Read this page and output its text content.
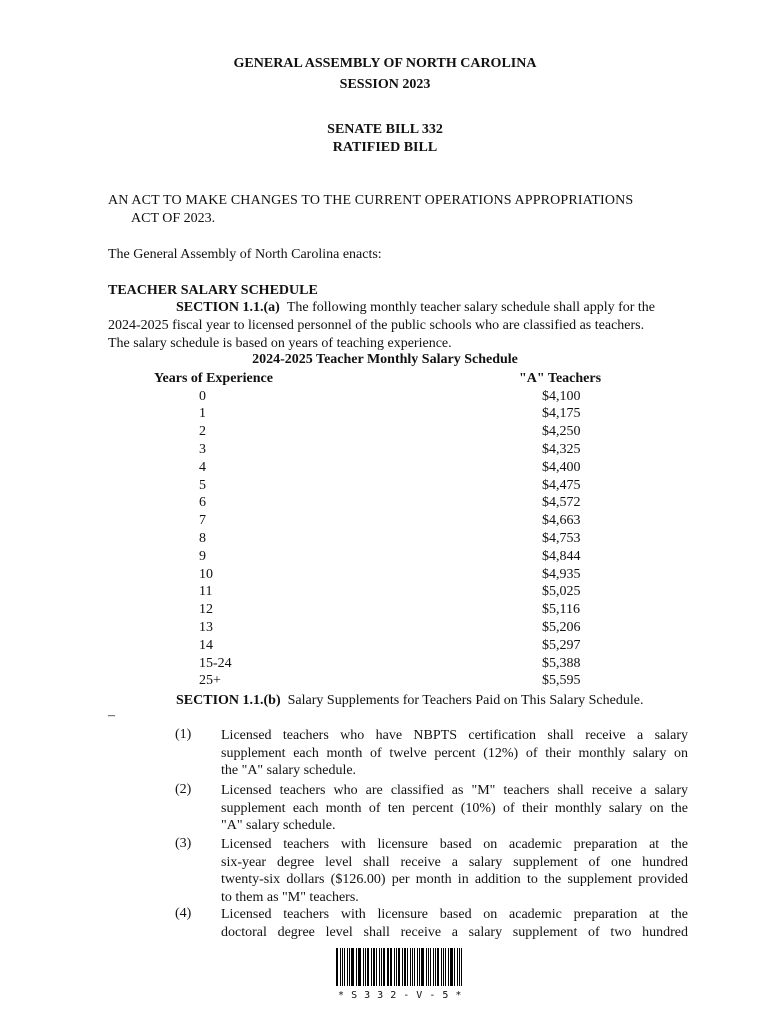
GENERAL ASSEMBLY OF NORTH CAROLINA
SESSION 2023
SENATE BILL 332
RATIFIED BILL
AN ACT TO MAKE CHANGES TO THE CURRENT OPERATIONS APPROPRIATIONS
ACT OF 2023.
The General Assembly of North Carolina enacts:
TEACHER SALARY SCHEDULE
SECTION 1.1.(a) The following monthly teacher salary schedule shall apply for the
2024-2025 fiscal year to licensed personnel of the public schools who are classified as teachers.
The salary schedule is based on years of teaching experience.
2024-2025 Teacher Monthly Salary Schedule
Years of Experience	"A" Teachers
0	$4,100
1	$4,175
2	$4,250
3	$4,325
4	$4,400
5	$4,475
6	$4,572
7	$4,663
8	$4,753
9	$4,844
10	$4,935
11	$5,025
12	$5,116
13	$5,206
14	$5,297
15-24	$5,388
25+	$5,595
SECTION 1.1.(b) Salary Supplements for Teachers Paid on This Salary Schedule.
–
(1) Licensed teachers who have NBPTS certification shall receive a salary
supplement each month of twelve percent (12%) of their monthly salary on
the "A" salary schedule.
(2) Licensed teachers who are classified as "M" teachers shall receive a salary
supplement each month of ten percent (10%) of their monthly salary on the
"A" salary schedule.
(3) Licensed teachers with licensure based on academic preparation at the
six-year degree level shall receive a salary supplement of one hundred
twenty-six dollars ($126.00) per month in addition to the supplement provided
to them as "M" teachers.
(4) Licensed teachers with licensure based on academic preparation at the
doctoral degree level shall receive a salary supplement of two hundred
* S 3 3 2 - V - 5 *
